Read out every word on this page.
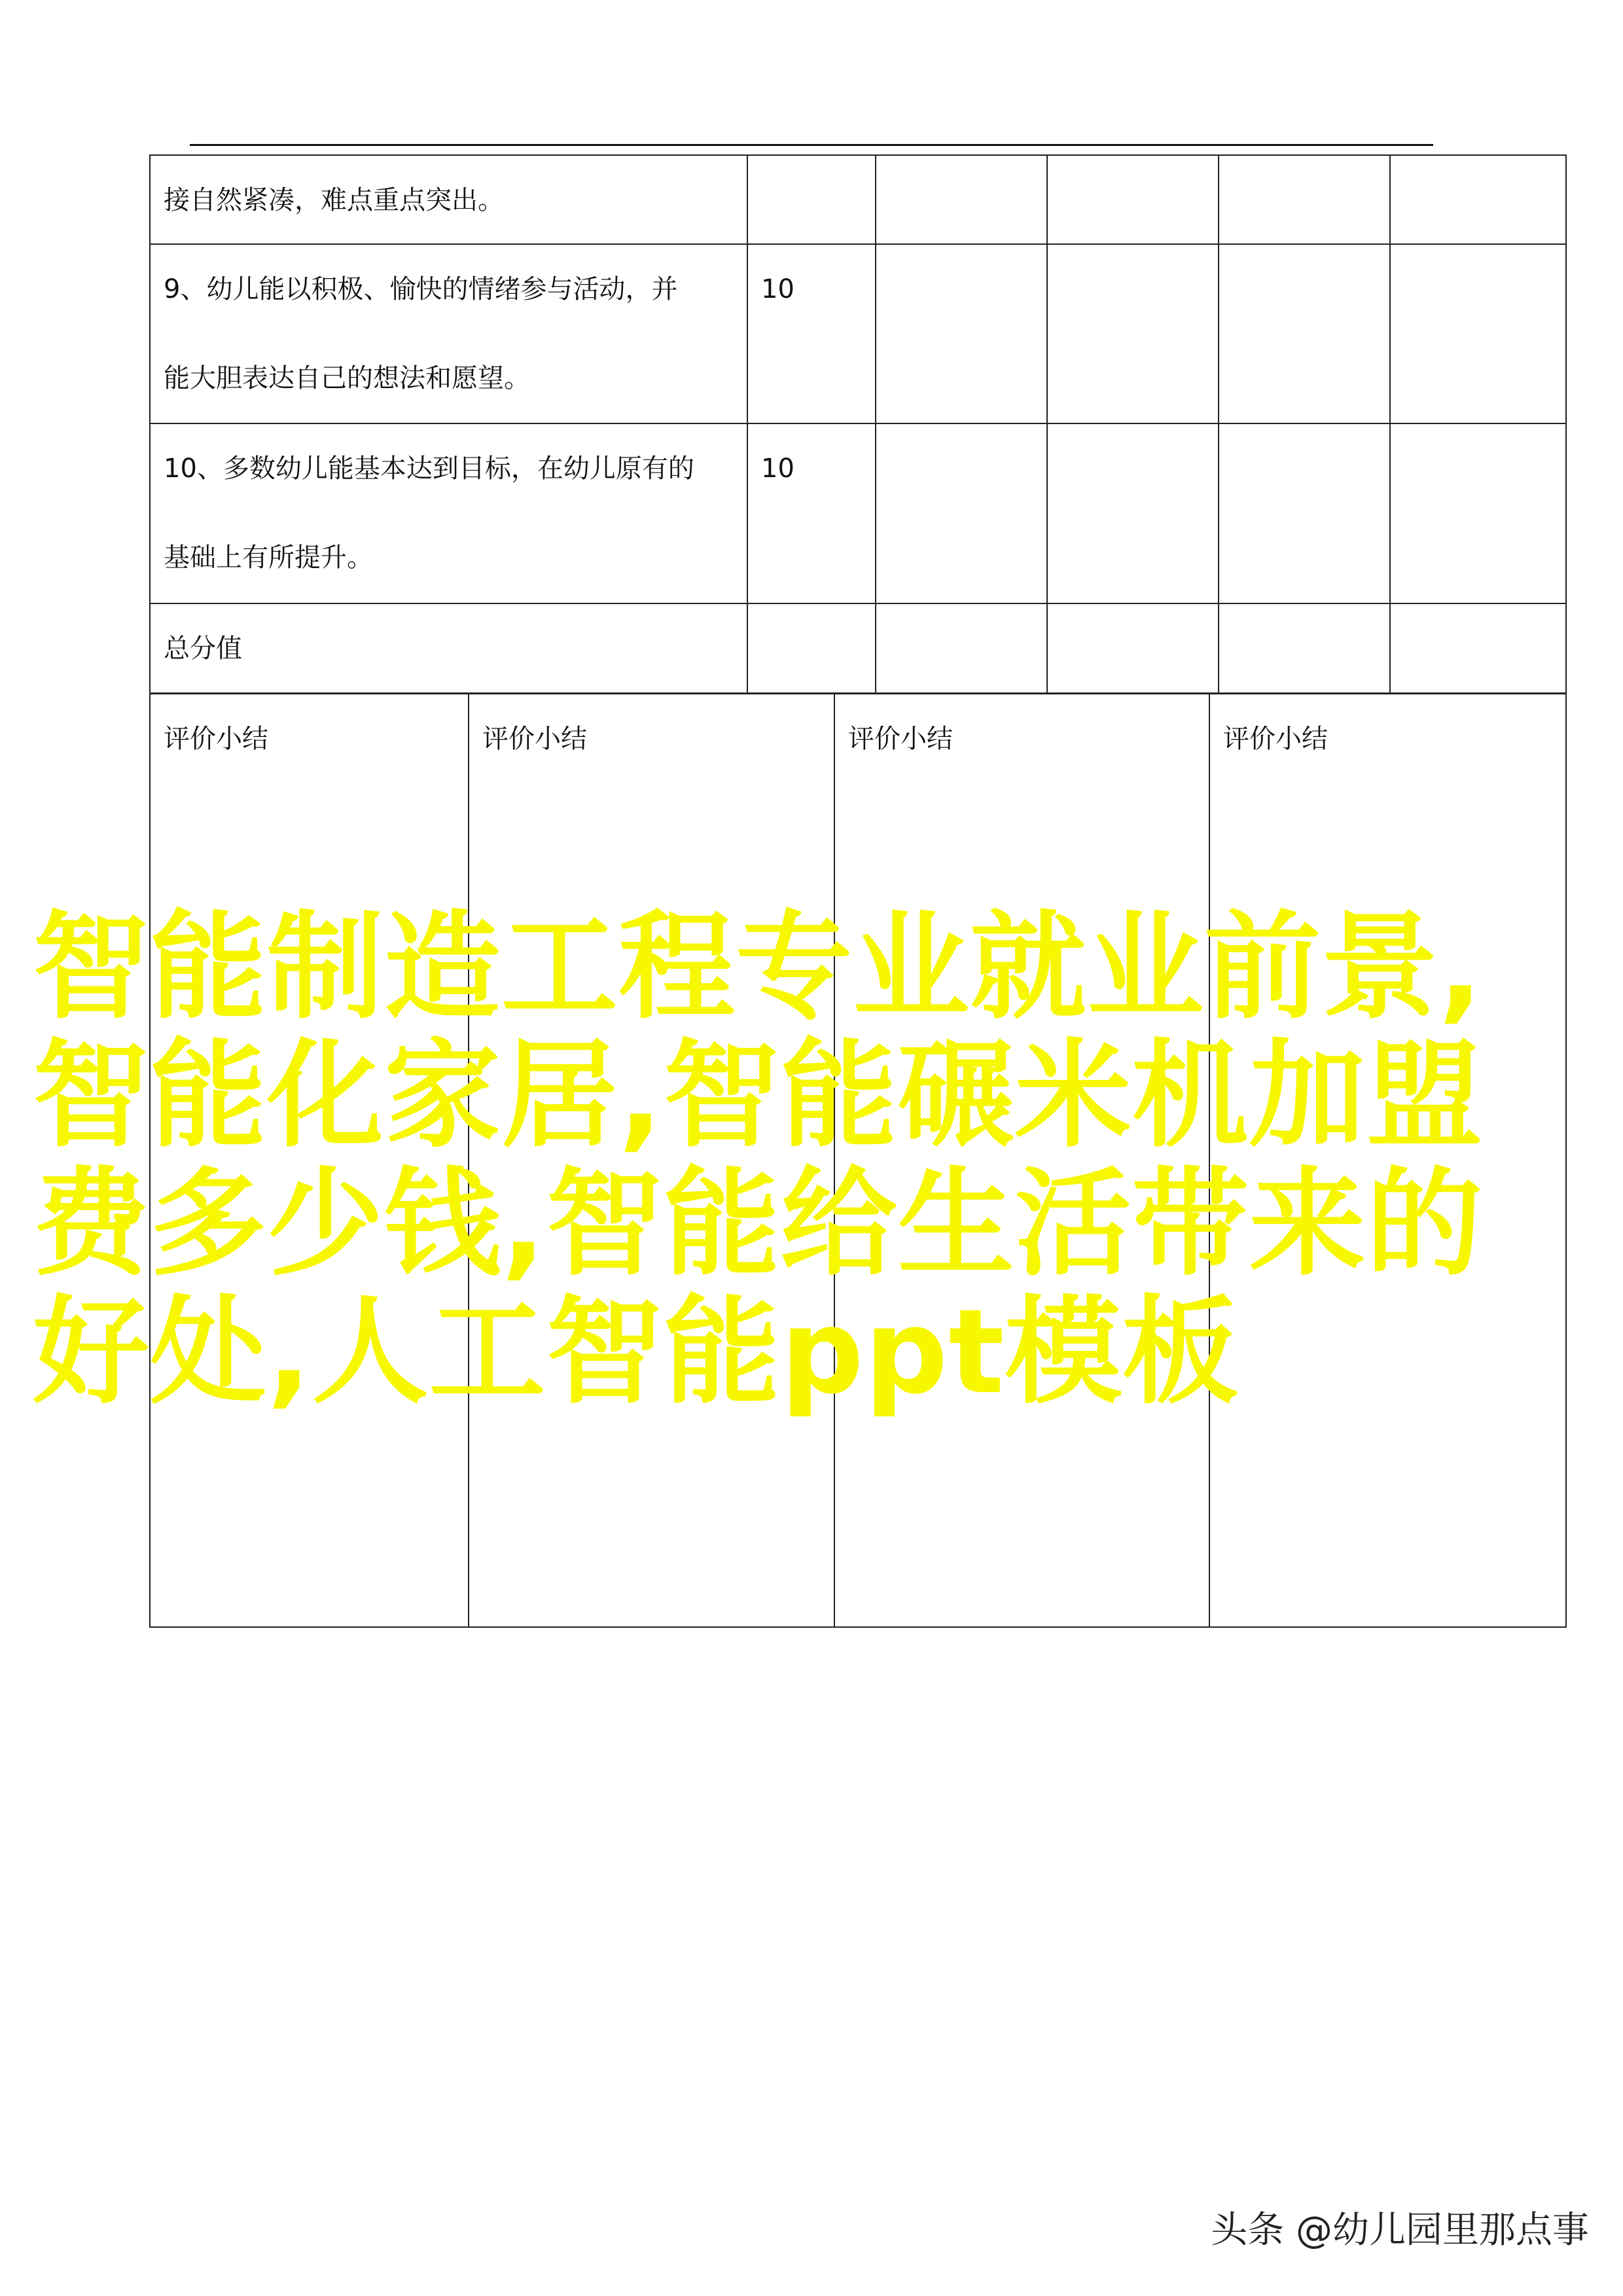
接自然紧凑，难点重点突出。					

9、幼儿能以积极、愉快的情绪参与活动，并
能大胆表达自己的想法和愿望。	10				

10、多数幼儿能基本达到目标，在幼儿原有的
基础上有所提升。	10				

总分值					

评价小结	评价小结	评价小结	评价小结
智能制造工程专业就业前景,智能化家居,智能碾米机加盟费多少钱,智能给生活带来的好处,人工智能ppt模板
头条 @幼儿园里那点事
